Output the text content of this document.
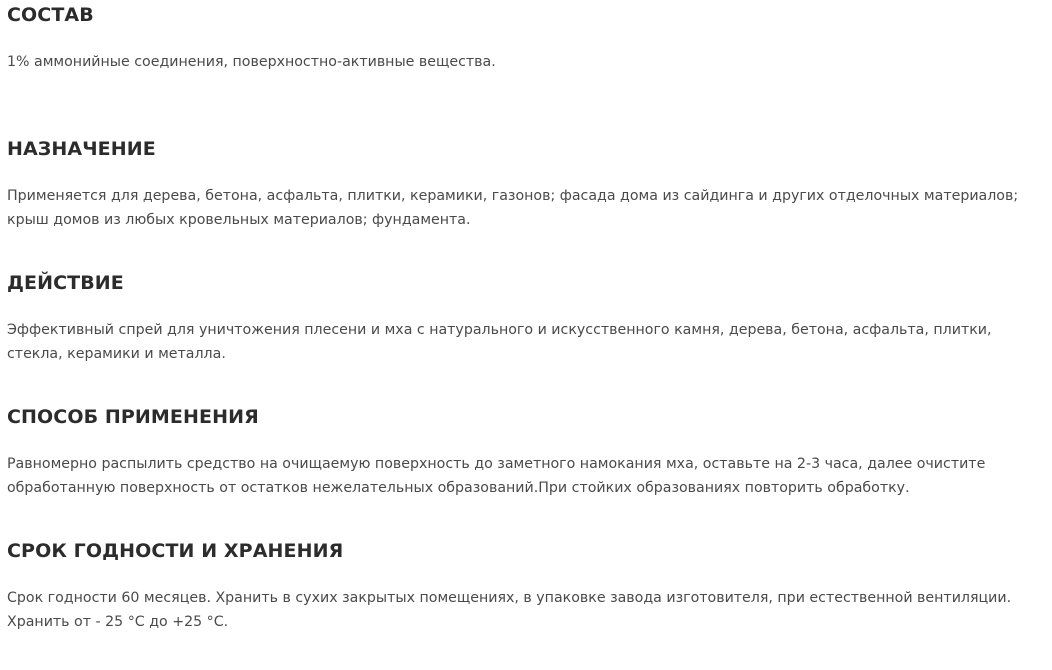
СОСТАВ

1% аммонийные соединения, поверхностно-активные вещества.

НАЗНАЧЕНИЕ

Применяется для дерева, бетона, асфальта, плитки, керамики, газонов; фасада дома из сайдинга и других отделочных материалов; крыш домов из любых кровельных материалов; фундамента.

ДЕЙСТВИЕ

Эффективный спрей для уничтожения плесени и мха с натурального и искусственного камня, дерева, бетона, асфальта, плитки, стекла, керамики и металла.

СПОСОБ ПРИМЕНЕНИЯ

Равномерно распылить средство на очищаемую поверхность до заметного намокания мха, оставьте на 2-3 часа, далее очистите обработанную поверхность от остатков нежелательных образований.При стойких образованиях повторить обработку.

СРОК ГОДНОСТИ И ХРАНЕНИЯ

Срок годности 60 месяцев. Хранить в сухих закрытых помещениях, в упаковке завода изготовителя, при естественной вентиляции. Хранить от - 25 °С до +25 °С.
